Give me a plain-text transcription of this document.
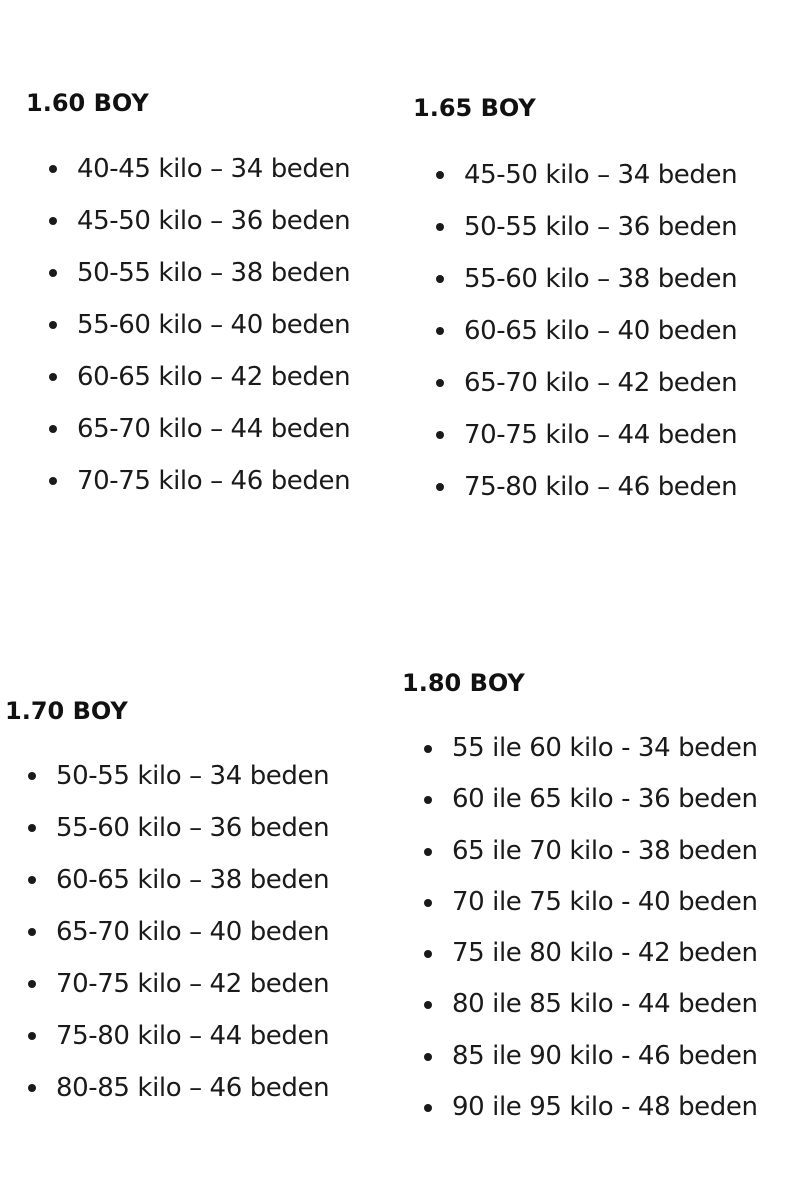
1.60 BOY
40-45 kilo – 34 beden
45-50 kilo – 36 beden
50-55 kilo – 38 beden
55-60 kilo – 40 beden
60-65 kilo – 42 beden
65-70 kilo – 44 beden
70-75 kilo – 46 beden
1.65 BOY
45-50 kilo – 34 beden
50-55 kilo – 36 beden
55-60 kilo – 38 beden
60-65 kilo – 40 beden
65-70 kilo – 42 beden
70-75 kilo – 44 beden
75-80 kilo – 46 beden
1.70 BOY
50-55 kilo – 34 beden
55-60 kilo – 36 beden
60-65 kilo – 38 beden
65-70 kilo – 40 beden
70-75 kilo – 42 beden
75-80 kilo – 44 beden
80-85 kilo – 46 beden
1.80 BOY
55 ile 60 kilo - 34 beden
60 ile 65 kilo - 36 beden
65 ile 70 kilo - 38 beden
70 ile 75 kilo - 40 beden
75 ile 80 kilo - 42 beden
80 ile 85 kilo - 44 beden
85 ile 90 kilo - 46 beden
90 ile 95 kilo - 48 beden
